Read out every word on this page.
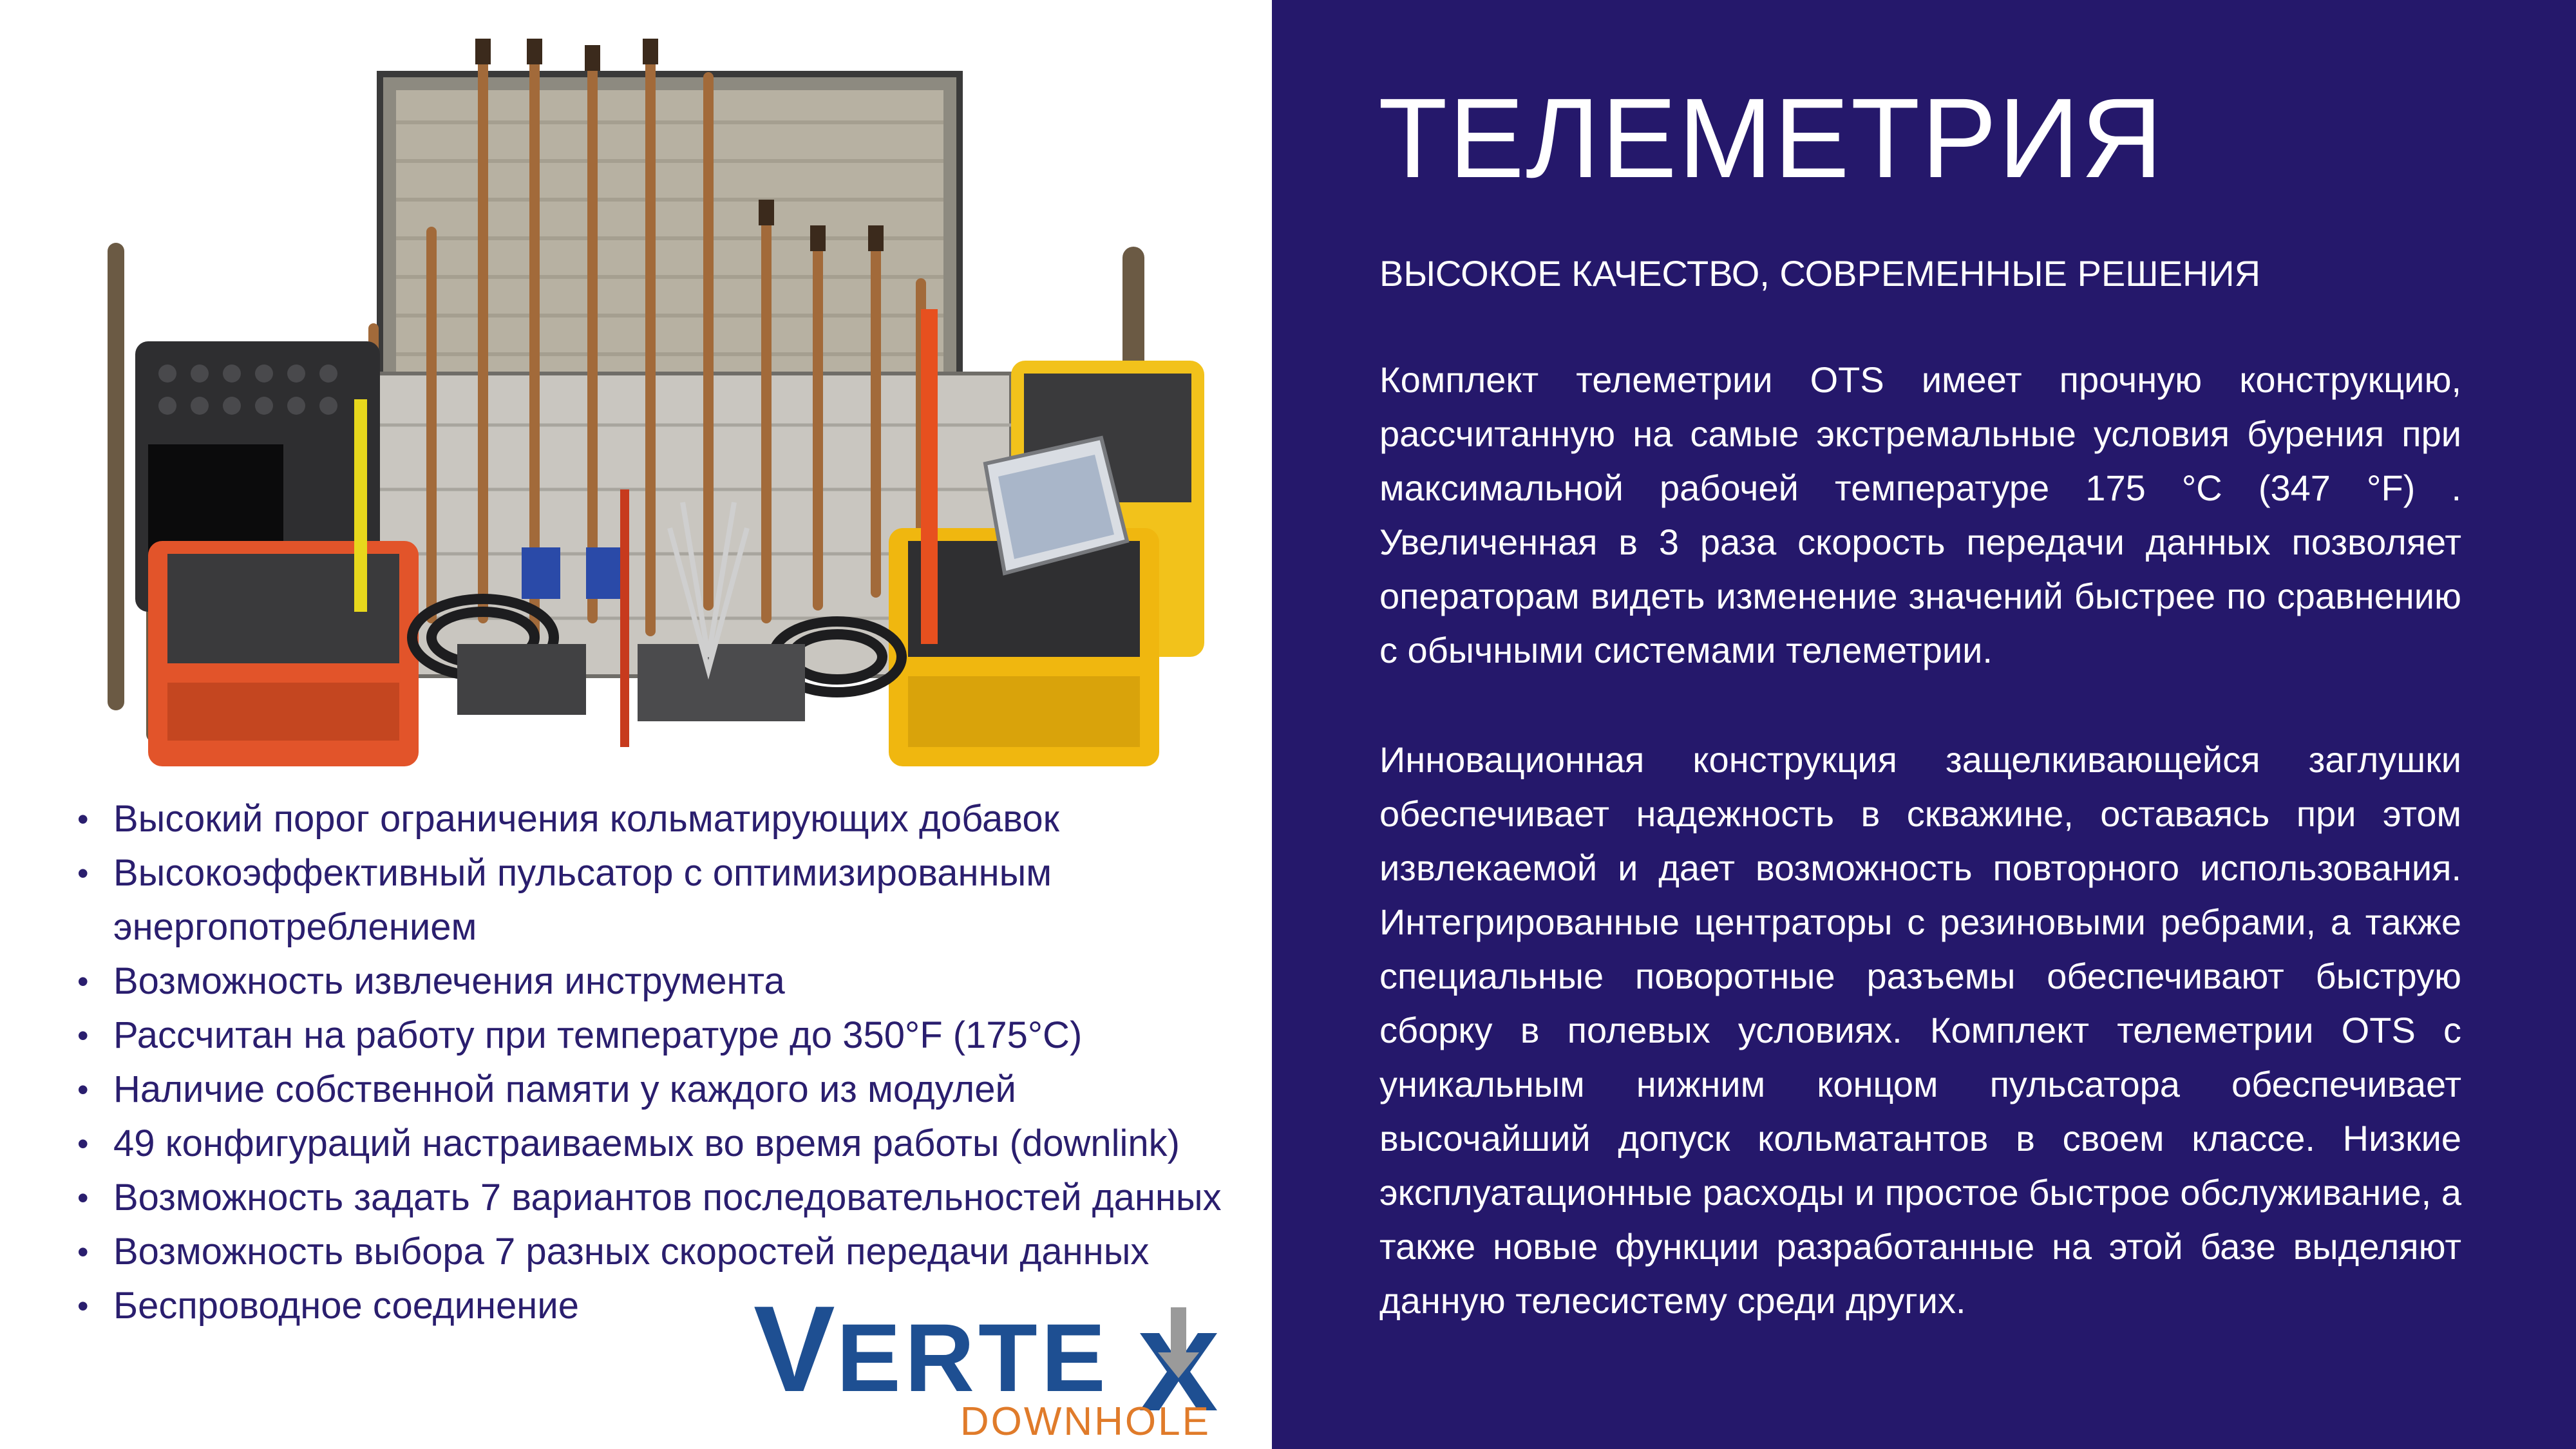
• Высокий порог ограничения кольматирующих добавок
• Высокоэффективный пульсатор с оптимизированным энергопотреблением
• Возможность извлечения инструмента
• Рассчитан на работу при температуре до 350°F (175°C)
• Наличие собственной памяти у каждого из модулей
• 49 конфигураций настраиваемых во время работы (downlink)
• Возможность задать 7 вариантов последовательностей данных
• Возможность выбора 7 разных скоростей передачи данных
• Беспроводное соединение	VERTE
DOWNHOLE
ТЕЛЕМЕТРИЯ

ВЫСОКОЕ КАЧЕСТВО, СОВРЕМЕННЫЕ РЕШЕНИЯ

Комплект телеметрии OTS имеет прочную конструкцию, рассчитанную на самые экстремальные условия бурения при максимальной рабочей температуре 175 °С (347 °F) . Увеличенная в 3 раза скорость передачи данных позволяет операторам видеть изменение значений быстрее по сравнению с обычными системами телеметрии.

Инновационная конструкция защелкивающейся заглушки обеспечивает надежность в скважине, оставаясь при этом извлекаемой и дает возможность повторного использования. Интегрированные центраторы с резиновыми ребрами, а также специальные поворотные разъемы обеспечивают быструю сборку в полевых условиях. Комплект телеметрии OTS с уникальным нижним концом пульсатора обеспечивает высочайший допуск кольматантов в своем классе. Низкие эксплуатационные расходы и простое быстрое обслуживание, а также новые функции разработанные на этой базе выделяют данную телесистему среди других.
